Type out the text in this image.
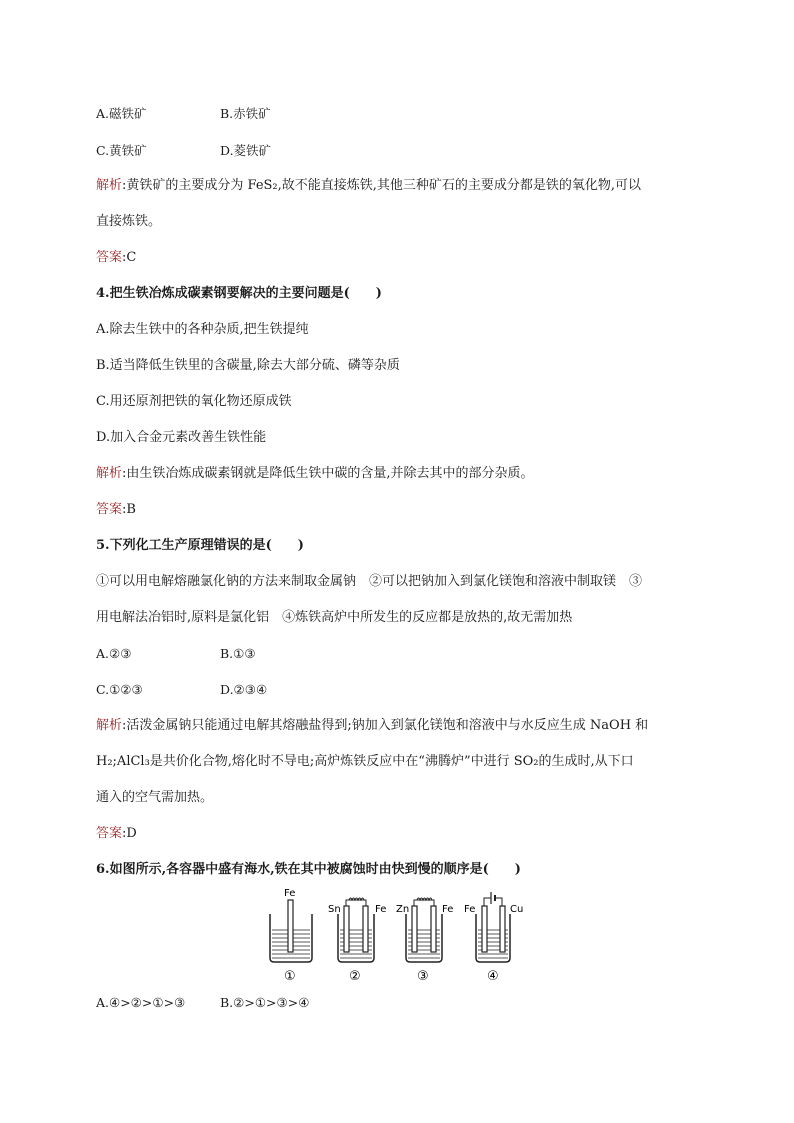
A.磁铁矿	B.赤铁矿
C.黄铁矿	D.菱铁矿
解析:黄铁矿的主要成分为 FeS₂,故不能直接炼铁,其他三种矿石的主要成分都是铁的氧化物,可以
直接炼铁。
答案:C
4.把生铁冶炼成碳素钢要解决的主要问题是(　　)
A.除去生铁中的各种杂质,把生铁提纯
B.适当降低生铁里的含碳量,除去大部分硫、磷等杂质
C.用还原剂把铁的氧化物还原成铁
D.加入合金元素改善生铁性能
解析:由生铁冶炼成碳素钢就是降低生铁中碳的含量,并除去其中的部分杂质。
答案:B
5.下列化工生产原理错误的是(　　)
①可以用电解熔融氯化钠的方法来制取金属钠　②可以把钠加入到氯化镁饱和溶液中制取镁　③
用电解法冶铝时,原料是氯化铝　④炼铁高炉中所发生的反应都是放热的,故无需加热
A.②③	B.①③
C.①②③	D.②③④
解析:活泼金属钠只能通过电解其熔融盐得到;钠加入到氯化镁饱和溶液中与水反应生成 NaOH 和
H₂;AlCl₃是共价化合物,熔化时不导电;高炉炼铁反应中在“沸腾炉”中进行 SO₂的生成时,从下口
通入的空气需加热。
答案:D
6.如图所示,各容器中盛有海水,铁在其中被腐蚀时由快到慢的顺序是(　　)
Fe
①
Sn	Fe
②
Zn	Fe
③
Fe	Cu
④
A.④>②>①>③	B.②>①>③>④
